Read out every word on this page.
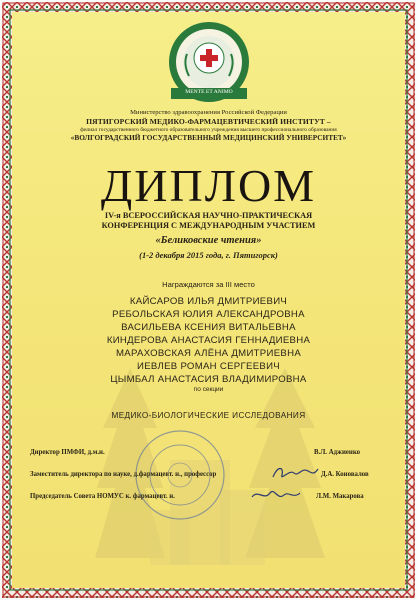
MENTE ET ANIMO
Министерство здравоохранения Российской Федерации
ПЯТИГОРСКИЙ МЕДИКО-ФАРМАЦЕВТИЧЕСКИЙ ИНСТИТУТ –
филиал государственного бюджетного образовательного учреждения высшего профессионального образования
«ВОЛГОГРАДСКИЙ ГОСУДАРСТВЕННЫЙ МЕДИЦИНСКИЙ УНИВЕРСИТЕТ»
ДИПЛОМ
IV-я ВСЕРОССИЙСКАЯ НАУЧНО-ПРАКТИЧЕСКАЯ
КОНФЕРЕНЦИЯ С МЕЖДУНАРОДНЫМ УЧАСТИЕМ
«Беликовские чтения»
(1-2 декабря 2015 года, г. Пятигорск)
Награждаются за III место
КАЙСАРОВ ИЛЬЯ ДМИТРИЕВИЧ
РЕБОЛЬСКАЯ ЮЛИЯ АЛЕКСАНДРОВНА
ВАСИЛЬЕВА КСЕНИЯ ВИТАЛЬЕВНА
КИНДЕРОВА АНАСТАСИЯ ГЕННАДИЕВНА
МАРАХОВСКАЯ АЛЁНА ДМИТРИЕВНА
ИЕВЛЕВ РОМАН СЕРГЕЕВИЧ
ЦЫМБАЛ АНАСТАСИЯ ВЛАДИМИРОВНА
по секции
МЕДИКО-БИОЛОГИЧЕСКИЕ ИССЛЕДОВАНИЯ
Директор ПМФИ, д.м.н.	В.Л. Аджиенко
Заместитель директора по науке, д.фармацевт. н., профессор	Д.А. Коновалов
Председатель Совета НОМУС к. фармацевт. н.	Л.М. Макарова
